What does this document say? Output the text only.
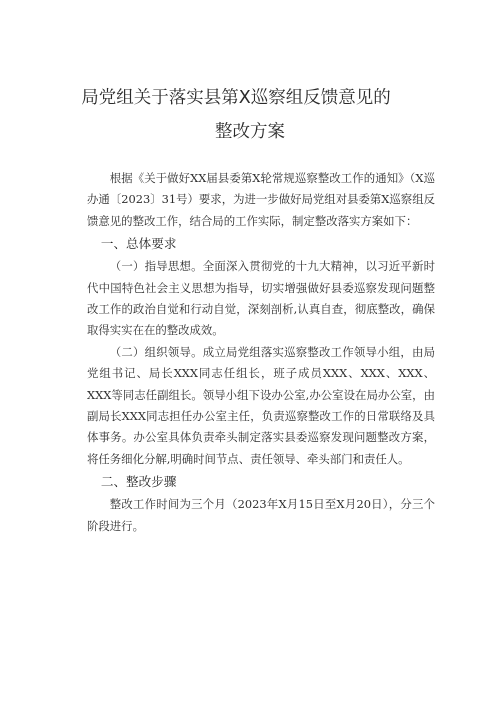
局党组关于落实县第Ⅹ巡察组反馈意见的
整改方案

根据《关于做好XX届县委第X轮常规巡察整改工作的通知》（X巡办通〔2023〕31号）要求，为进一步做好局党组对县委第X巡察组反馈意见的整改工作，结合局的工作实际，制定整改落实方案如下：

一、总体要求

（一）指导思想。全面深入贯彻党的十九大精神，以习近平新时代中国特色社会主义思想为指导，切实增强做好县委巡察发现问题整改工作的政治自觉和行动自觉，深刻剖析,认真自查，彻底整改，确保取得实实在在的整改成效。

（二）组织领导。成立局党组落实巡察整改工作领导小组，由局党组书记、局长XXX同志任组长，班子成员XXX、XXX、XXX、XXX等同志任副组长。领导小组下设办公室,办公室设在局办公室，由副局长XXX同志担任办公室主任，负责巡察整改工作的日常联络及具体事务。办公室具体负责牵头制定落实县委巡察发现问题整改方案，将任务细化分解,明确时间节点、责任领导、牵头部门和责任人。

二、整改步骤

整改工作时间为三个月（2023年X月15日至X月20日），分三个阶段进行。
